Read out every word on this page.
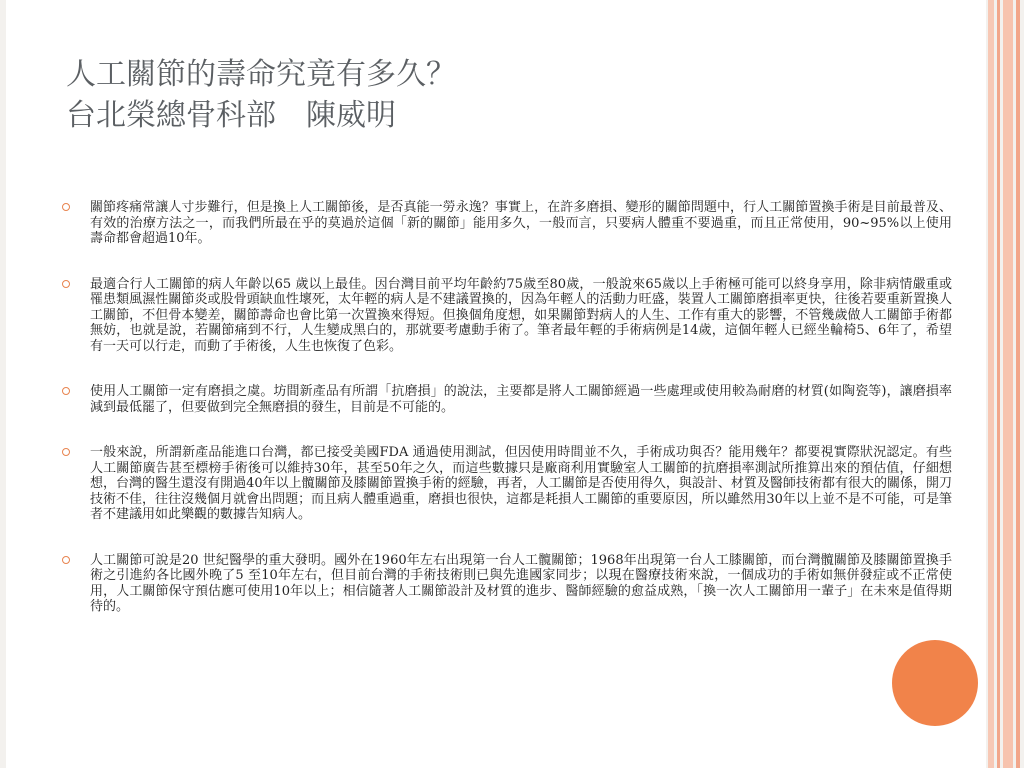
人工關節的壽命究竟有多久？
台北榮總骨科部　陳威明
關節疼痛常讓人寸步難行，但是換上人工關節後，是否真能一勞永逸？事實上，在許多磨損、變形的關節問題中，行人工關節置換手術是目前最普及、有效的治療方法之一，而我們所最在乎的莫過於這個「新的關節」能用多久，一般而言，只要病人體重不要過重，而且正常使用，90~95%以上使用壽命都會超過10年。
最適合行人工關節的病人年齡以65 歲以上最佳。因台灣目前平均年齡約75歲至80歲，一般說來65歲以上手術極可能可以終身享用，除非病情嚴重或罹患類風濕性關節炎或股骨頭缺血性壞死，太年輕的病人是不建議置換的，因為年輕人的活動力旺盛，裝置人工關節磨損率更快，往後若要重新置換人工關節，不但骨本變差，關節壽命也會比第一次置換來得短。但換個角度想，如果關節對病人的人生、工作有重大的影響，不管幾歲做人工關節手術都無妨，也就是說，若關節痛到不行，人生變成黑白的，那就要考慮動手術了。筆者最年輕的手術病例是14歲，這個年輕人已經坐輪椅5、6年了，希望有一天可以行走，而動了手術後，人生也恢復了色彩。
使用人工關節一定有磨損之虞。坊間新產品有所謂「抗磨損」的說法，主要都是將人工關節經過一些處理或使用較為耐磨的材質(如陶瓷等)，讓磨損率減到最低罷了，但要做到完全無磨損的發生，目前是不可能的。
一般來說，所謂新產品能進口台灣，都已接受美國FDA 通過使用測試，但因使用時間並不久，手術成功與否？能用幾年？都要視實際狀況認定。有些人工關節廣告甚至標榜手術後可以維持30年，甚至50年之久，而這些數據只是廠商利用實驗室人工關節的抗磨損率測試所推算出來的預估值，仔細想想，台灣的醫生還沒有開過40年以上髖關節及膝關節置換手術的經驗，再者，人工關節是否使用得久，與設計、材質及醫師技術都有很大的關係，開刀技術不佳，往往沒幾個月就會出問題；而且病人體重過重，磨損也很快，這都是耗損人工關節的重要原因，所以雖然用30年以上並不是不可能，可是筆者不建議用如此樂觀的數據告知病人。
人工關節可說是20 世紀醫學的重大發明。國外在1960年左右出現第一台人工髖關節；1968年出現第一台人工膝關節，而台灣髖關節及膝關節置換手術之引進約各比國外晚了5 至10年左右，但目前台灣的手術技術則已與先進國家同步；以現在醫療技術來說，一個成功的手術如無併發症或不正常使用，人工關節保守預估應可使用10年以上；相信隨著人工關節設計及材質的進步、醫師經驗的愈益成熟，「換一次人工關節用一輩子」在未來是值得期待的。
